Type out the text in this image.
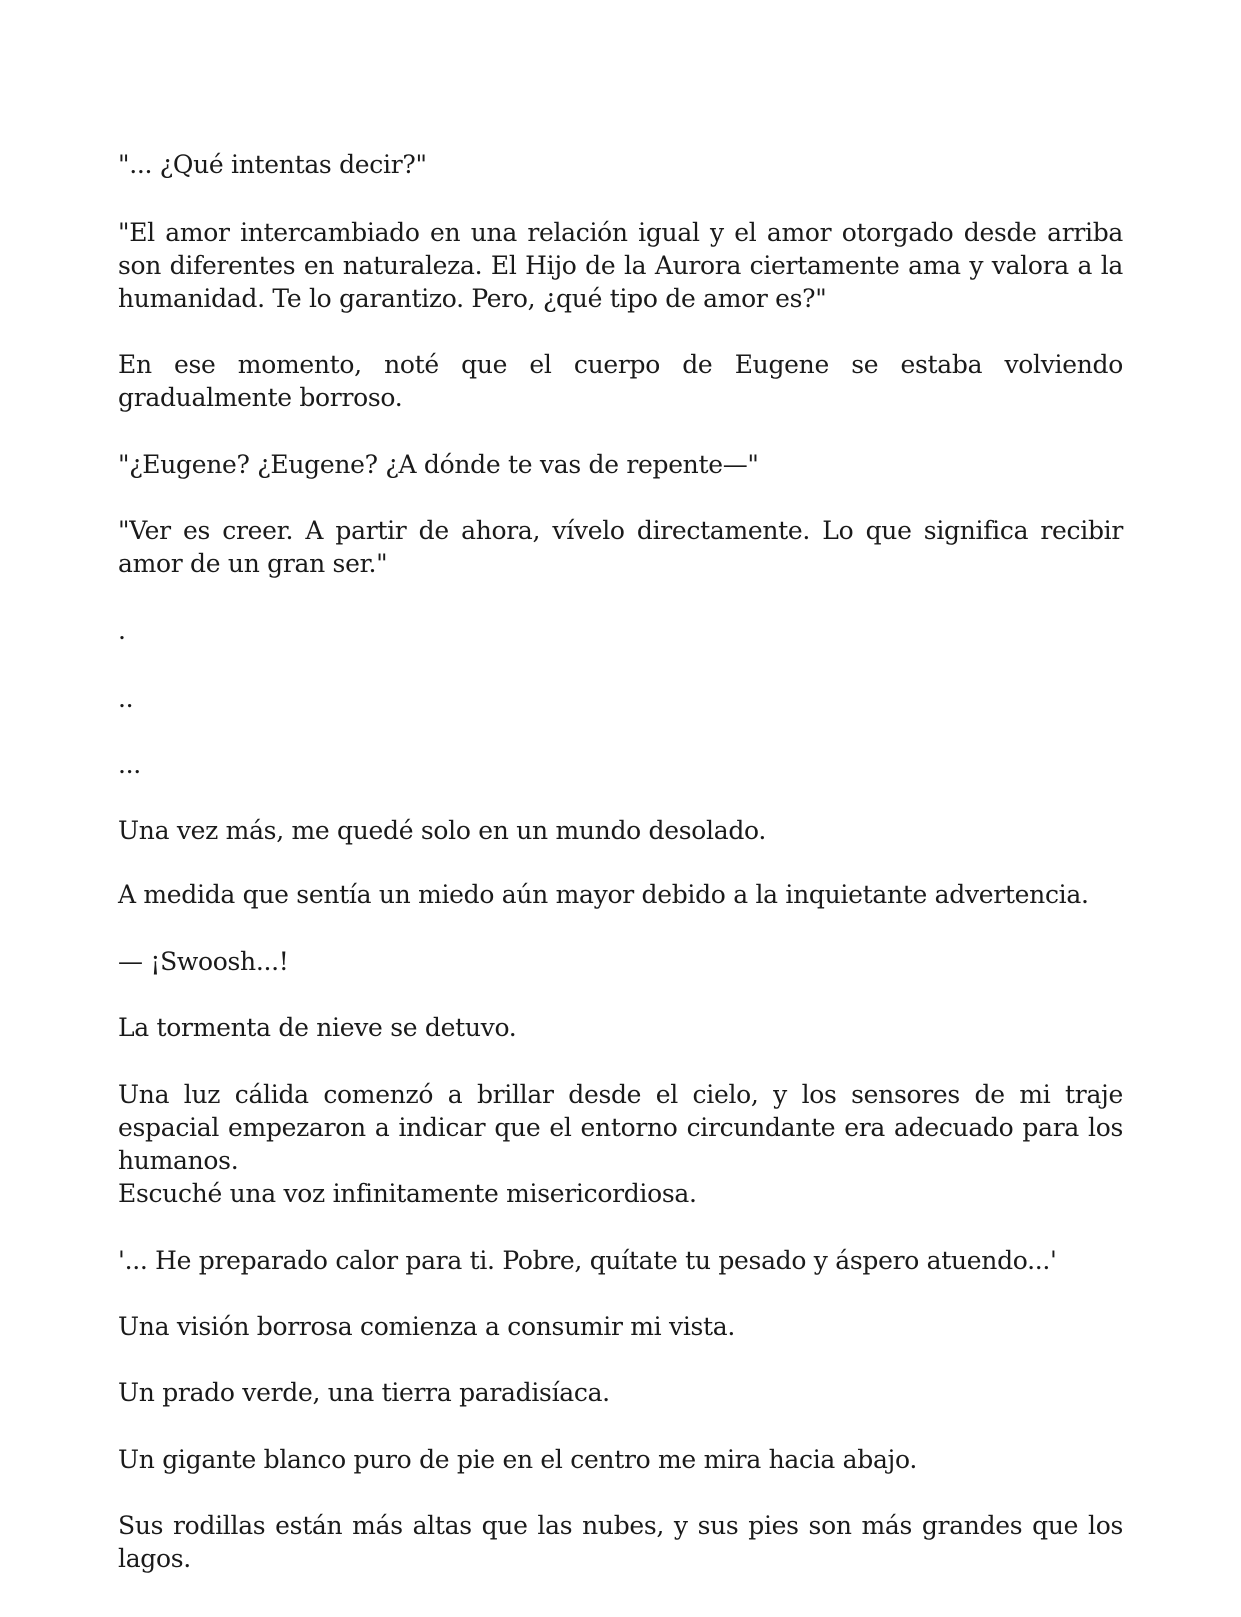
"... ¿Qué intentas decir?"

"El amor intercambiado en una relación igual y el amor otorgado desde arriba son diferentes en naturaleza. El Hijo de la Aurora ciertamente ama y valora a la humanidad. Te lo garantizo. Pero, ¿qué tipo de amor es?"

En ese momento, noté que el cuerpo de Eugene se estaba volviendo gradualmente borroso.

"¿Eugene? ¿Eugene? ¿A dónde te vas de repente—"

"Ver es creer. A partir de ahora, vívelo directamente. Lo que significa recibir amor de un gran ser."

.

..

...

Una vez más, me quedé solo en un mundo desolado.

A medida que sentía un miedo aún mayor debido a la inquietante advertencia.

— ¡Swoosh...!

La tormenta de nieve se detuvo.

Una luz cálida comenzó a brillar desde el cielo, y los sensores de mi traje espacial empezaron a indicar que el entorno circundante era adecuado para los humanos.

Escuché una voz infinitamente misericordiosa.

'... He preparado calor para ti. Pobre, quítate tu pesado y áspero atuendo...'

Una visión borrosa comienza a consumir mi vista.

Un prado verde, una tierra paradisíaca.

Un gigante blanco puro de pie en el centro me mira hacia abajo.

Sus rodillas están más altas que las nubes, y sus pies son más grandes que los lagos.
